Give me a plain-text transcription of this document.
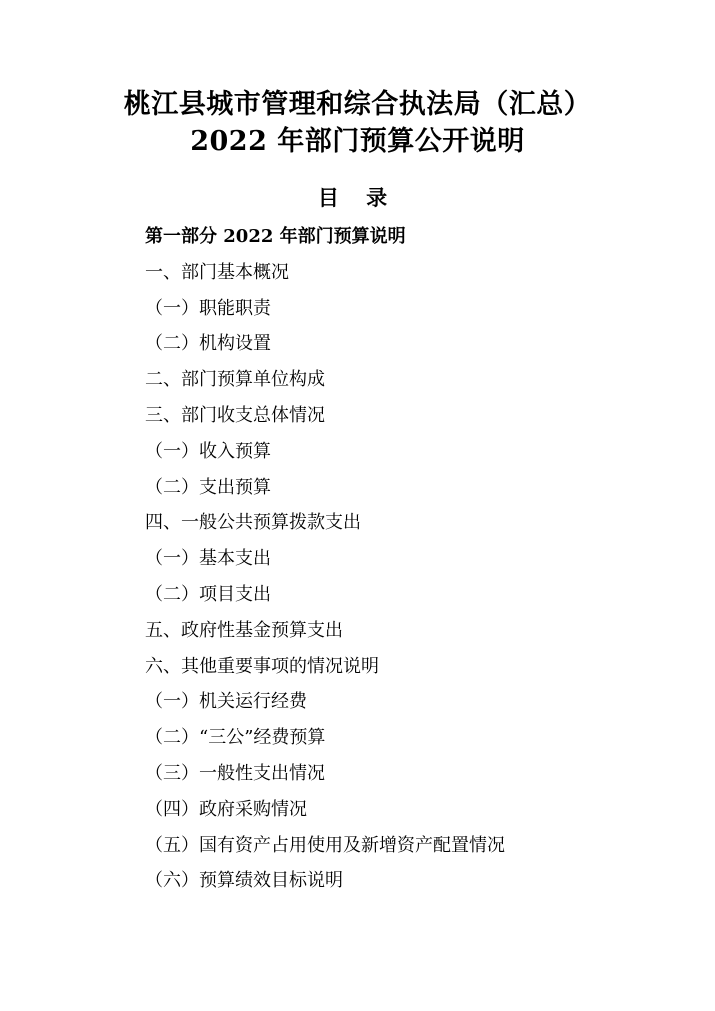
桃江县城市管理和综合执法局（汇总）
2022 年部门预算公开说明
目 录
第一部分 2022 年部门预算说明
一、部门基本概况
（一）职能职责
（二）机构设置
二、部门预算单位构成
三、部门收支总体情况
（一）收入预算
（二）支出预算
四、一般公共预算拨款支出
（一）基本支出
（二）项目支出
五、政府性基金预算支出
六、其他重要事项的情况说明
（一）机关运行经费
（二）“三公”经费预算
（三）一般性支出情况
（四）政府采购情况
（五）国有资产占用使用及新增资产配置情况
（六）预算绩效目标说明
